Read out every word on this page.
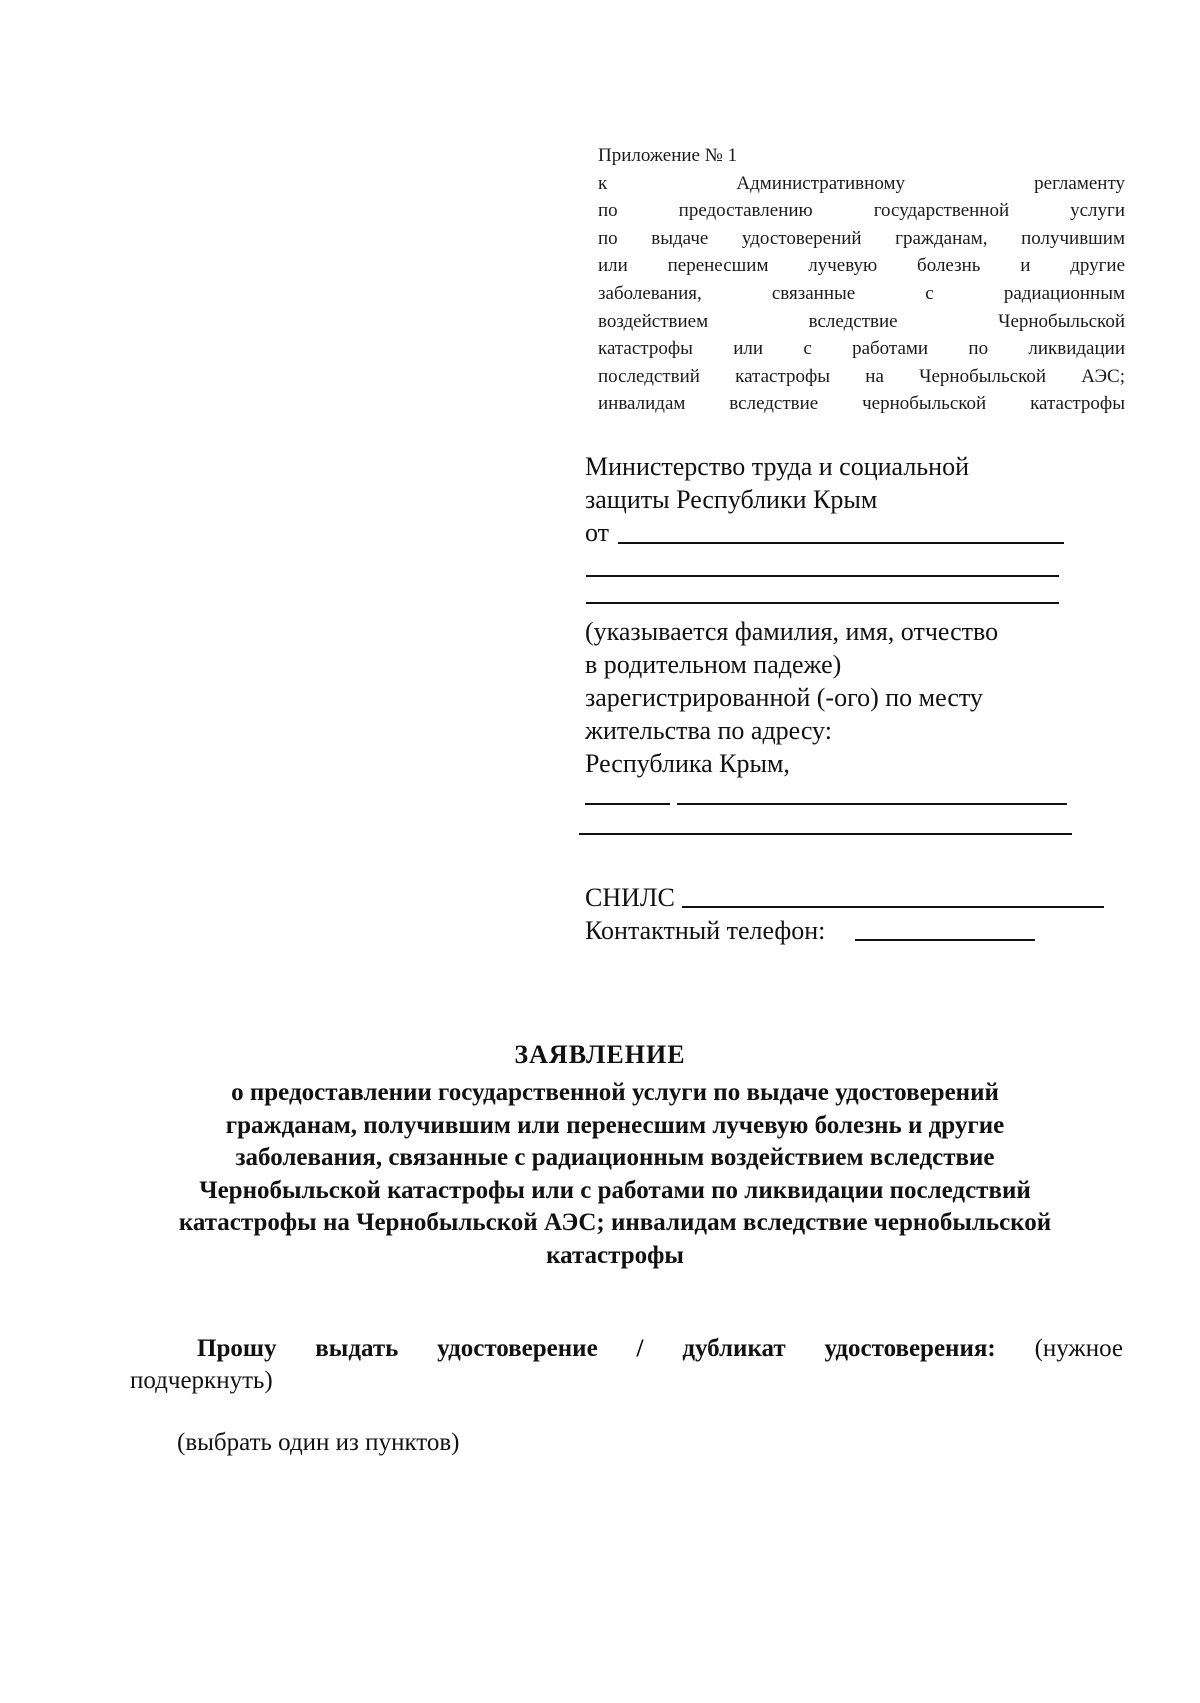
Приложение № 1
к Административному регламенту
по предоставлению государственной услуги
по выдаче удостоверений гражданам, получившим
или перенесшим лучевую болезнь и другие
заболевания, связанные с радиационным
воздействием вследствие Чернобыльской
катастрофы или с работами по ликвидации
последствий катастрофы на Чернобыльской АЭС;
инвалидам вследствие чернобыльской катастрофы
Министерство труда и социальной
защиты Республики Крым
от
(указывается фамилия, имя, отчество
в родительном падеже)
зарегистрированной (-ого) по месту
жительства по адресу:
Республика Крым,
СНИЛС
Контактный телефон:
ЗАЯВЛЕНИЕ
о предоставлении государственной услуги по выдаче удостоверений
гражданам, получившим или перенесшим лучевую болезнь и другие
заболевания, связанные с радиационным воздействием вследствие
Чернобыльской катастрофы или с работами по ликвидации последствий
катастрофы на Чернобыльской АЭС; инвалидам вследствие чернобыльской
катастрофы
Прошу выдать удостоверение / дубликат удостоверения: (нужное
подчеркнуть)
(выбрать один из пунктов)
